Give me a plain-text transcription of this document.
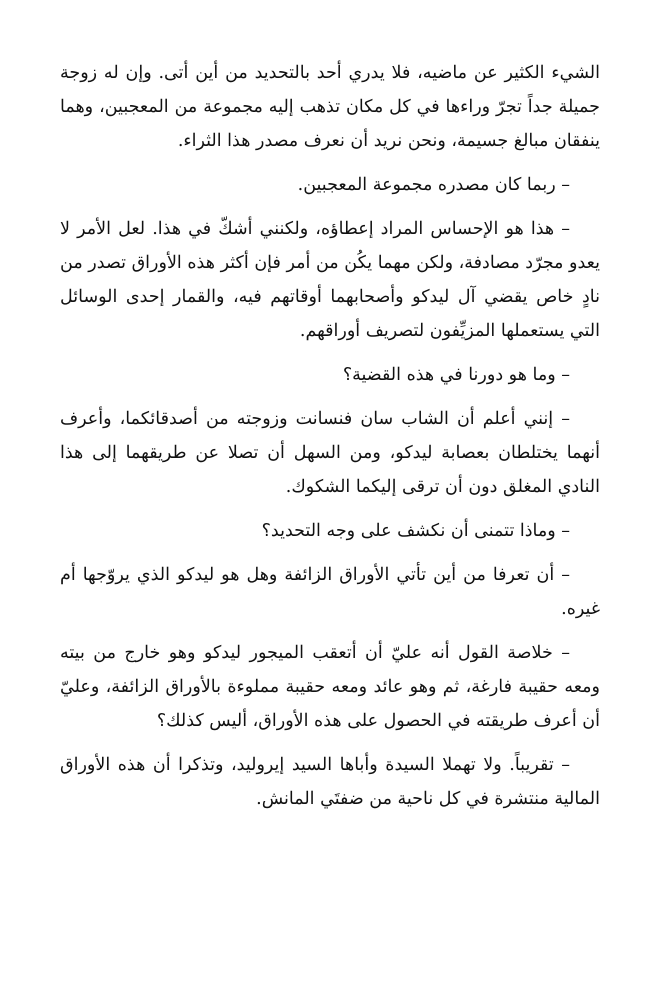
الشيء الكثير عن ماضيه، فلا يدري أحد بالتحديد من أين أتى. وإن له زوجة جميلة جداً تجرّ وراءها في كل مكان تذهب إليه مجموعة من المعجبين، وهما ينفقان مبالغ جسيمة، ونحن نريد أن نعرف مصدر هذا الثراء.

– ربما كان مصدره مجموعة المعجبين.

– هذا هو الإحساس المراد إعطاؤه، ولكنني أشكّ في هذا. لعل الأمر لا يعدو مجرّد مصادفة، ولكن مهما يكُن من أمر فإن أكثر هذه الأوراق تصدر من نادٍ خاص يقضي آل ليدكو وأصحابهما أوقاتهم فيه، والقمار إحدى الوسائل التي يستعملها المزيِّفون لتصريف أوراقهم.

– وما هو دورنا في هذه القضية؟

– إنني أعلم أن الشاب سان فنسانت وزوجته من أصدقائكما، وأعرف أنهما يختلطان بعصابة ليدكو، ومن السهل أن تصلا عن طريقهما إلى هذا النادي المغلق دون أن ترقى إليكما الشكوك.

– وماذا تتمنى أن نكشف على وجه التحديد؟

– أن تعرفا من أين تأتي الأوراق الزائفة وهل هو ليدكو الذي يروّجها أم غيره.

– خلاصة القول أنه عليّ أن أتعقب الميجور ليدكو وهو خارج من بيته ومعه حقيبة فارغة، ثم وهو عائد ومعه حقيبة مملوءة بالأوراق الزائفة، وعليّ أن أعرف طريقته في الحصول على هذه الأوراق، أليس كذلك؟

– تقريباً. ولا تهملا السيدة وأباها السيد إيروليد، وتذكرا أن هذه الأوراق المالية منتشرة في كل ناحية من ضفتَي المانش.
